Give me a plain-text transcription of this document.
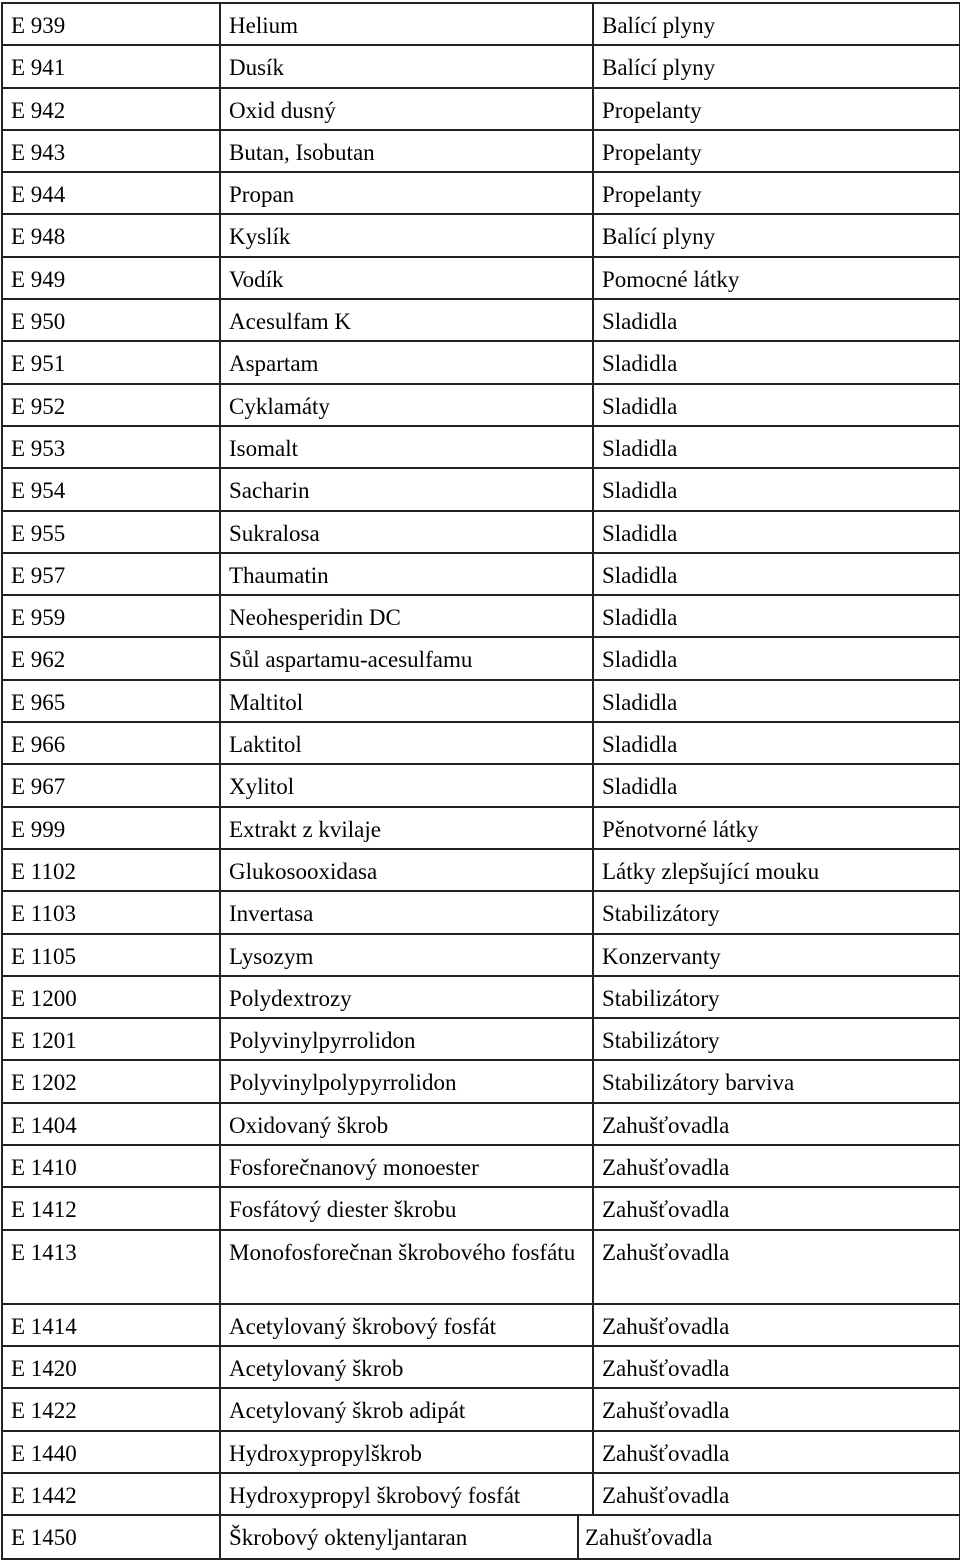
E 939	Helium	Balící plyny
E 941	Dusík	Balící plyny
E 942	Oxid dusný	Propelanty
E 943	Butan, Isobutan	Propelanty
E 944	Propan	Propelanty
E 948	Kyslík	Balící plyny
E 949	Vodík	Pomocné látky
E 950	Acesulfam K	Sladidla
E 951	Aspartam	Sladidla
E 952	Cyklamáty	Sladidla
E 953	Isomalt	Sladidla
E 954	Sacharin	Sladidla
E 955	Sukralosa	Sladidla
E 957	Thaumatin	Sladidla
E 959	Neohesperidin DC	Sladidla
E 962	Sůl aspartamu-acesulfamu	Sladidla
E 965	Maltitol	Sladidla
E 966	Laktitol	Sladidla
E 967	Xylitol	Sladidla
E 999	Extrakt z kvilaje	Pěnotvorné látky
E 1102	Glukosooxidasa	Látky zlepšující mouku
E 1103	Invertasa	Stabilizátory
E 1105	Lysozym	Konzervanty
E 1200	Polydextrozy	Stabilizátory
E 1201	Polyvinylpyrrolidon	Stabilizátory
E 1202	Polyvinylpolypyrrolidon	Stabilizátory barviva
E 1404	Oxidovaný škrob	Zahušťovadla
E 1410	Fosforečnanový monoester	Zahušťovadla
E 1412	Fosfátový diester škrobu	Zahušťovadla
E 1413	Monofosforečnan škrobového fosfátu	Zahušťovadla
E 1414	Acetylovaný škrobový fosfát	Zahušťovadla
E 1420	Acetylovaný škrob	Zahušťovadla
E 1422	Acetylovaný škrob adipát	Zahušťovadla
E 1440	Hydroxypropylškrob	Zahušťovadla
E 1442	Hydroxypropyl škrobový fosfát	Zahušťovadla
E 1450	Škrobový oktenyljantaran	Zahušťovadla
